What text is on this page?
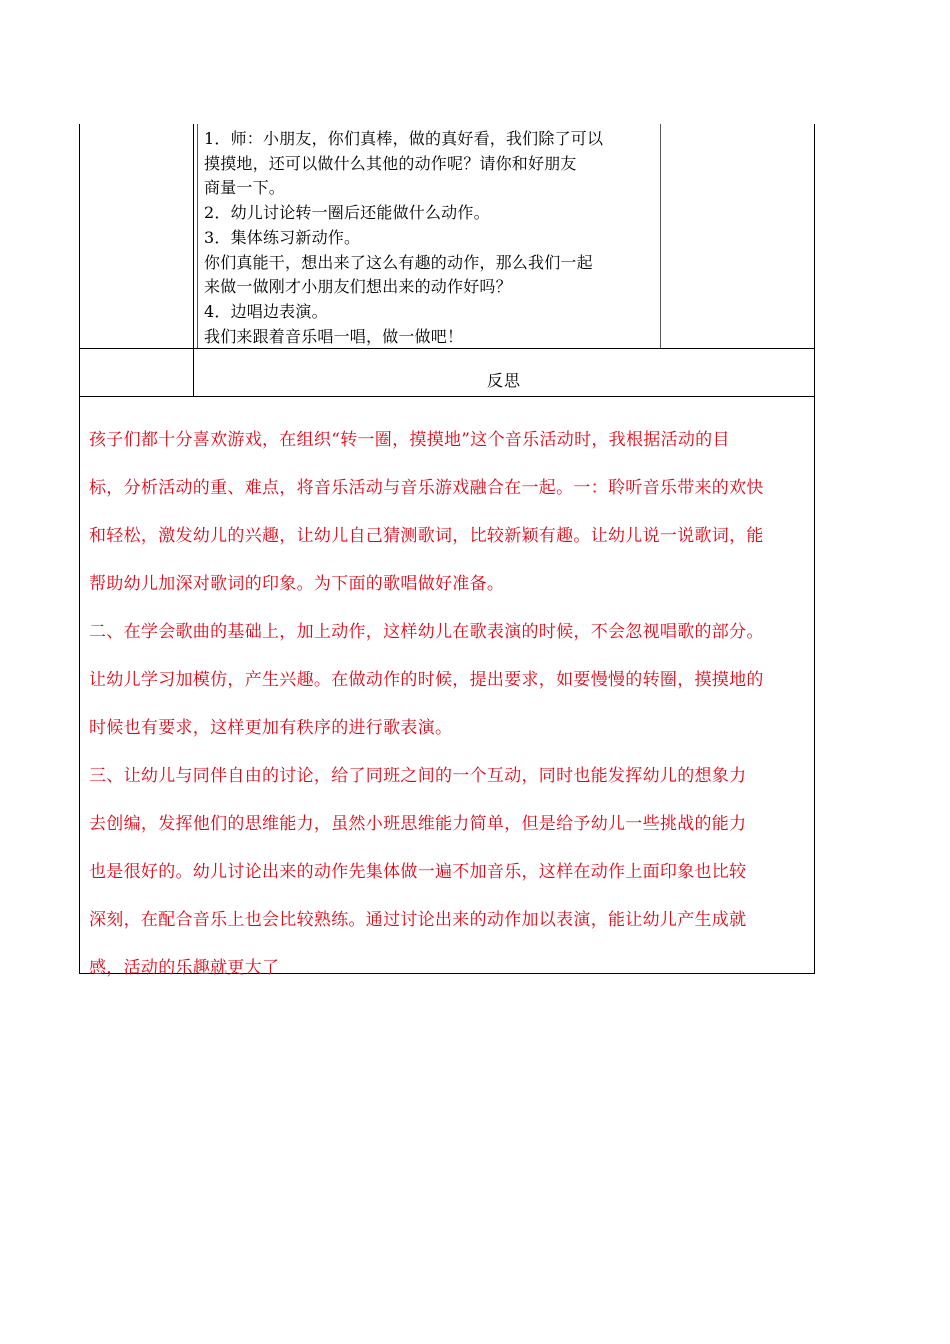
1．师：小朋友，你们真棒，做的真好看，我们除了可以
摸摸地，还可以做什么其他的动作呢？请你和好朋友
商量一下。
2．幼儿讨论转一圈后还能做什么动作。
3．集体练习新动作。
你们真能干，想出来了这么有趣的动作，那么我们一起
来做一做刚才小朋友们想出来的动作好吗？
4．边唱边表演。
我们来跟着音乐唱一唱，做一做吧！
反思
孩子们都十分喜欢游戏，在组织“转一圈，摸摸地”这个音乐活动时，我根据活动的目
标，分析活动的重、难点，将音乐活动与音乐游戏融合在一起。一：聆听音乐带来的欢快
和轻松，激发幼儿的兴趣，让幼儿自己猜测歌词，比较新颖有趣。让幼儿说一说歌词，能
帮助幼儿加深对歌词的印象。为下面的歌唱做好准备。
二、在学会歌曲的基础上，加上动作，这样幼儿在歌表演的时候，不会忽视唱歌的部分。
让幼儿学习加模仿，产生兴趣。在做动作的时候，提出要求，如要慢慢的转圈，摸摸地的
时候也有要求，这样更加有秩序的进行歌表演。
三、让幼儿与同伴自由的讨论，给了同班之间的一个互动，同时也能发挥幼儿的想象力
去创编，发挥他们的思维能力，虽然小班思维能力简单，但是给予幼儿一些挑战的能力
也是很好的。幼儿讨论出来的动作先集体做一遍不加音乐，这样在动作上面印象也比较
深刻，在配合音乐上也会比较熟练。通过讨论出来的动作加以表演，能让幼儿产生成就
感，活动的乐趣就更大了
